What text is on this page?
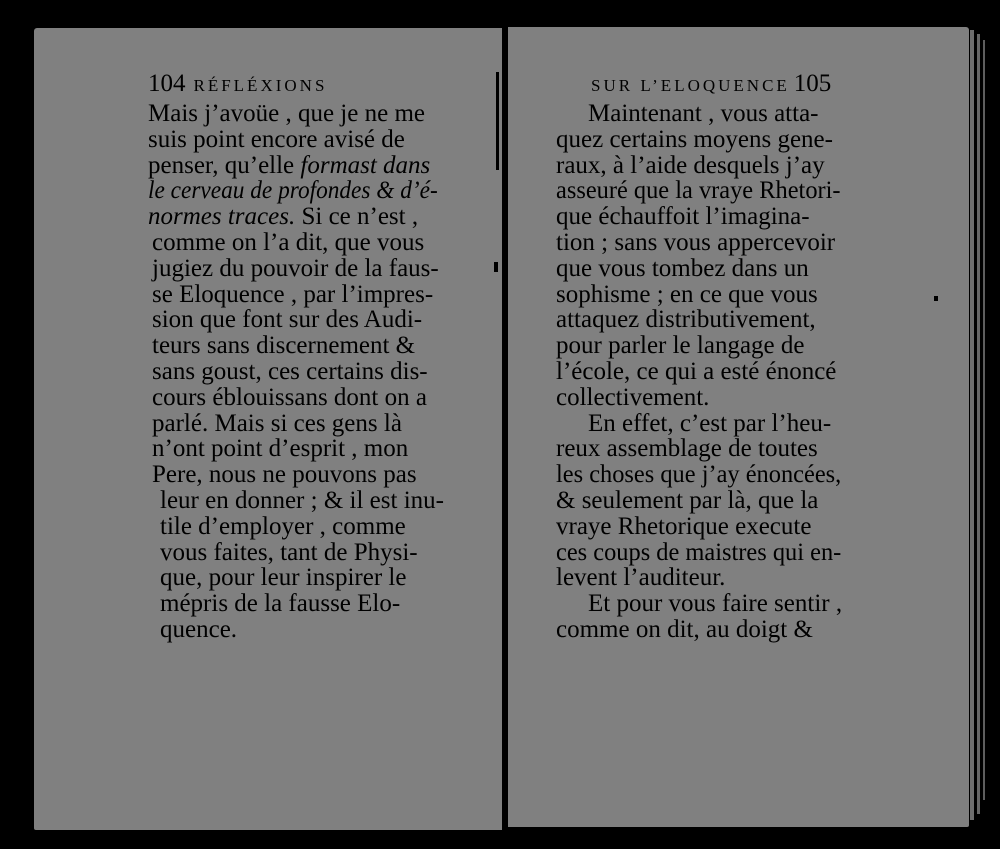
104 RÉFLÉXIONS	SUR L’ELOQUENCE 105
Mais j’avoüe , que je ne me
suis point encore avisé de
penser, qu’elle formast dans
le cerveau de profondes & d’é-
normes traces. Si ce n’est ,
comme on l’a dit, que vous
jugiez du pouvoir de la faus-
se Eloquence , par l’impres-
sion que font sur des Audi-
teurs sans discernement &
sans goust, ces certains dis-
cours éblouissans dont on a
parlé. Mais si ces gens là
n’ont point d’esprit , mon
Pere, nous ne pouvons pas
leur en donner ; & il est inu-
tile d’employer , comme
vous faites, tant de Physi-
que, pour leur inspirer le
mépris de la fausse Elo-
quence.
Maintenant , vous atta-
quez certains moyens gene-
raux, à l’aide desquels j’ay
asseuré que la vraye Rhetori-
que échauffoit l’imagina-
tion ; sans vous appercevoir
que vous tombez dans un
sophisme ; en ce que vous
attaquez distributivement,
pour parler le langage de
l’école, ce qui a esté énoncé
collectivement.
En effet, c’est par l’heu-
reux assemblage de toutes
les choses que j’ay énoncées,
& seulement par là, que la
vraye Rhetorique execute
ces coups de maistres qui en-
levent l’auditeur.
Et pour vous faire sentir ,
comme on dit, au doigt &
